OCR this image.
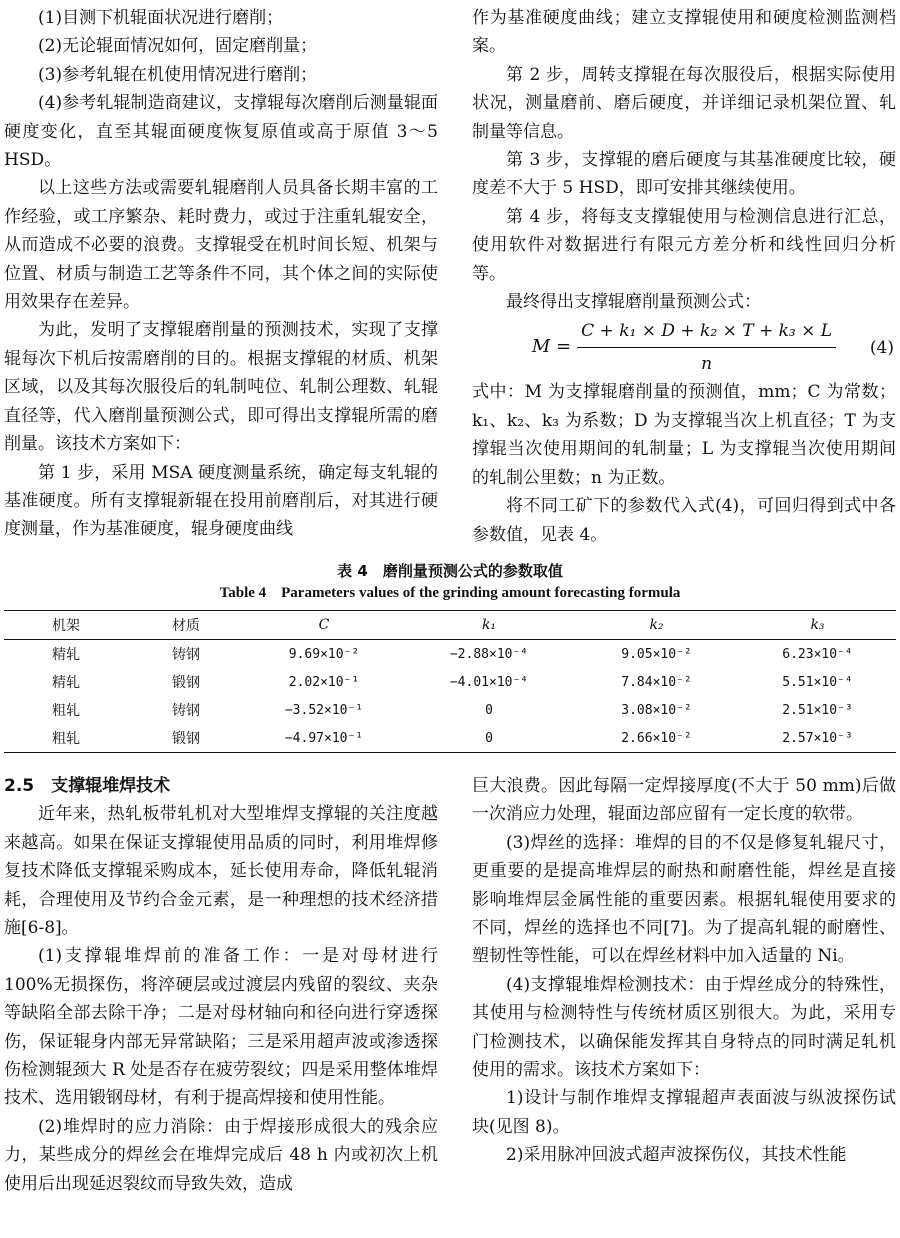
(1)目测下机辊面状况进行磨削；

(2)无论辊面情况如何，固定磨削量；

(3)参考轧辊在机使用情况进行磨削；

(4)参考轧辊制造商建议，支撑辊每次磨削后测量辊面硬度变化，直至其辊面硬度恢复原值或高于原值 3～5 HSD。

以上这些方法或需要轧辊磨削人员具备长期丰富的工作经验，或工序繁杂、耗时费力，或过于注重轧辊安全，从而造成不必要的浪费。支撑辊受在机时间长短、机架与位置、材质与制造工艺等条件不同，其个体之间的实际使用效果存在差异。

为此，发明了支撑辊磨削量的预测技术，实现了支撑辊每次下机后按需磨削的目的。根据支撑辊的材质、机架区域，以及其每次服役后的轧制吨位、轧制公理数、轧辊直径等，代入磨削量预测公式，即可得出支撑辊所需的磨削量。该技术方案如下：

第 1 步，采用 MSA 硬度测量系统，确定每支轧辊的基准硬度。所有支撑辊新辊在投用前磨削后，对其进行硬度测量，作为基准硬度，辊身硬度曲线

作为基准硬度曲线；建立支撑辊使用和硬度检测监测档案。

第 2 步，周转支撑辊在每次服役后，根据实际使用状况，测量磨前、磨后硬度，并详细记录机架位置、轧制量等信息。

第 3 步，支撑辊的磨后硬度与其基准硬度比较，硬度差不大于 5 HSD，即可安排其继续使用。

第 4 步，将每支支撑辊使用与检测信息进行汇总，使用软件对数据进行有限元方差分析和线性回归分析等。

最终得出支撑辊磨削量预测公式：

$M = \frac{\text{C + k₁ × D + k₂ × T + k₃ × L}}{n} (4)$

式中：M 为支撑辊磨削量的预测值，mm；C 为常数；k₁、k₂、k₃ 为系数；D 为支撑辊当次上机直径；T 为支撑辊当次使用期间的轧制量；L 为支撑辊当次使用期间的轧制公里数；n 为正数。

将不同工矿下的参数代入式(4)，可回归得到式中各参数值，见表 4。

表 4　磨削量预测公式的参数取值
Table 4　Parameters values of the grinding amount forecasting formula
机架	材质	C	k₁	k₂	k₃
精轧	铸钢	9.69×10⁻²	−2.88×10⁻⁴	9.05×10⁻²	6.23×10⁻⁴
精轧	锻钢	2.02×10⁻¹	−4.01×10⁻⁴	7.84×10⁻²	5.51×10⁻⁴
粗轧	铸钢	−3.52×10⁻¹	0	3.08×10⁻²	2.51×10⁻³
粗轧	锻钢	−4.97×10⁻¹	0	2.66×10⁻²	2.57×10⁻³
2.5　支撑辊堆焊技术

近年来，热轧板带轧机对大型堆焊支撑辊的关注度越来越高。如果在保证支撑辊使用品质的同时，利用堆焊修复技术降低支撑辊采购成本，延长使用寿命，降低轧辊消耗，合理使用及节约合金元素，是一种理想的技术经济措施[6-8]。

(1)支撑辊堆焊前的准备工作：一是对母材进行 100%无损探伤，将淬硬层或过渡层内残留的裂纹、夹杂等缺陷全部去除干净；二是对母材轴向和径向进行穿透探伤，保证辊身内部无异常缺陷；三是采用超声波或渗透探伤检测辊颈大 R 处是否存在疲劳裂纹；四是采用整体堆焊技术、选用锻钢母材，有利于提高焊接和使用性能。

(2)堆焊时的应力消除：由于焊接形成很大的残余应力，某些成分的焊丝会在堆焊完成后 48 h 内或初次上机使用后出现延迟裂纹而导致失效，造成

巨大浪费。因此每隔一定焊接厚度(不大于 50 mm)后做一次消应力处理，辊面边部应留有一定长度的软带。

(3)焊丝的选择：堆焊的目的不仅是修复轧辊尺寸，更重要的是提高堆焊层的耐热和耐磨性能，焊丝是直接影响堆焊层金属性能的重要因素。根据轧辊使用要求的不同，焊丝的选择也不同[7]。为了提高轧辊的耐磨性、塑韧性等性能，可以在焊丝材料中加入适量的 Ni。

(4)支撑辊堆焊检测技术：由于焊丝成分的特殊性，其使用与检测特性与传统材质区别很大。为此，采用专门检测技术，以确保能发挥其自身特点的同时满足轧机使用的需求。该技术方案如下：

1)设计与制作堆焊支撑辊超声表面波与纵波探伤试块(见图 8)。

2)采用脉冲回波式超声波探伤仪，其技术性能
